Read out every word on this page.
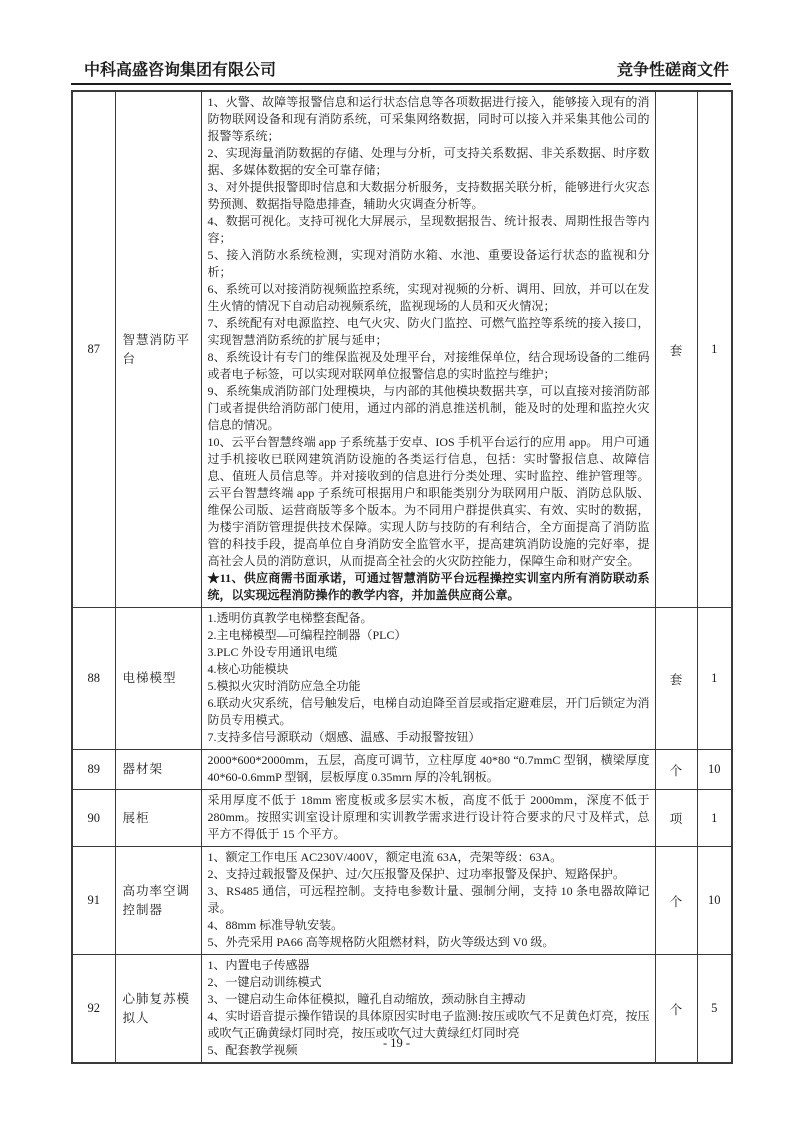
中科高盛咨询集团有限公司	竞争性磋商文件
87	智慧消防平台	
1、火警、故障等报警信息和运行状态信息等各项数据进行接入，能够接入现有的消防物联网设备和现有消防系统，可采集网络数据，同时可以接入并采集其他公司的报警等系统；
2、实现海量消防数据的存储、处理与分析，可支持关系数据、非关系数据、时序数据、多媒体数据的安全可靠存储；
3、对外提供报警即时信息和大数据分析服务，支持数据关联分析，能够进行火灾态势预测、数据指导隐患排查，辅助火灾调查分析等。
4、数据可视化。支持可视化大屏展示，呈现数据报告、统计报表、周期性报告等内容；
5、接入消防水系统检测，实现对消防水箱、水池、重要设备运行状态的监视和分析；
6、系统可以对接消防视频监控系统，实现对视频的分析、调用、回放，并可以在发生火情的情况下自动启动视频系统，监视现场的人员和灭火情况；
7、系统配有对电源监控、电气火灾、防火门监控、可燃气监控等系统的接入接口，实现智慧消防系统的扩展与延申；
8、系统设计有专门的维保监视及处理平台，对接维保单位，结合现场设备的二维码或者电子标签，可以实现对联网单位报警信息的实时监控与维护；
9、系统集成消防部门处理模块，与内部的其他模块数据共享，可以直接对接消防部门或者提供给消防部门使用，通过内部的消息推送机制，能及时的处理和监控火灾信息的情况。
10、云平台智慧终端 app 子系统基于安卓、IOS 手机平台运行的应用 app。 用户可通过手机接收已联网建筑消防设施的各类运行信息，包括：实时警报信息、故障信息、值班人员信息等。并对接收到的信息进行分类处理、实时监控、维护管理等。云平台智慧终端 app 子系统可根据用户和职能类别分为联网用户版、消防总队版、维保公司版、运营商版等多个版本。为不同用户群提供真实、有效、实时的数据，为楼宇消防管理提供技术保障。实现人防与技防的有利结合，全方面提高了消防监管的科技手段，提高单位自身消防安全监管水平，提高建筑消防设施的完好率，提高社会人员的消防意识，从而提高全社会的火灾防控能力，保障生命和财产安全。
★11、供应商需书面承诺，可通过智慧消防平台远程操控实训室内所有消防联动系统，以实现远程消防操作的教学内容，并加盖供应商公章。
	套	1
88	电梯模型	
1.透明仿真教学电梯整套配备。
2.主电梯模型—可编程控制器（PLC）
3.PLC 外设专用通讯电缆
4.核心功能模块
5.模拟火灾时消防应急全功能
6.联动火灾系统，信号触发后，电梯自动迫降至首层或指定避难层，开门后锁定为消防员专用模式。
7.支持多信号源联动（烟感、温感、手动报警按钮）
	套	1
89	器材架	2000*600*2000mm，五层，高度可调节，立柱厚度 40*80 “0.7mmC 型钢，横梁厚度 40*60-0.6mmP 型钢，层板厚度 0.35mrn 厚的冷轧钢板。	个	10
90	展柜	采用厚度不低于 18mm 密度板或多层实木板，高度不低于 2000mm，深度不低于 280mm。按照实训室设计原理和实训教学需求进行设计符合要求的尺寸及样式，总平方不得低于 15 个平方。	项	1
91	高功率空调控制器	1、额定工作电压 AC230V/400V，额定电流 63A，壳架等级：63A。
2、支持过载报警及保护、过/欠压报警及保护、过功率报警及保护、短路保护。
3、RS485 通信，可远程控制。支持电参数计量、强制分闸，支持 10 条电器故障记录。
4、88mm 标准导轨安装。
5、外壳采用 PA66 高等规格防火阻燃材料，防火等级达到 V0 级。	个	10
92	心肺复苏模拟人	1、内置电子传感器
2、一键启动训练模式
3、一键启动生命体征模拟，瞳孔自动缩放，颈动脉自主搏动
4、实时语音提示操作错误的具体原因实时电子监测:按压或吹气不足黄色灯亮，按压或吹气正确黄绿灯同时亮，按压或吹气过大黄绿红灯同时亮
5、配套教学视频	个	5
- 19 -
